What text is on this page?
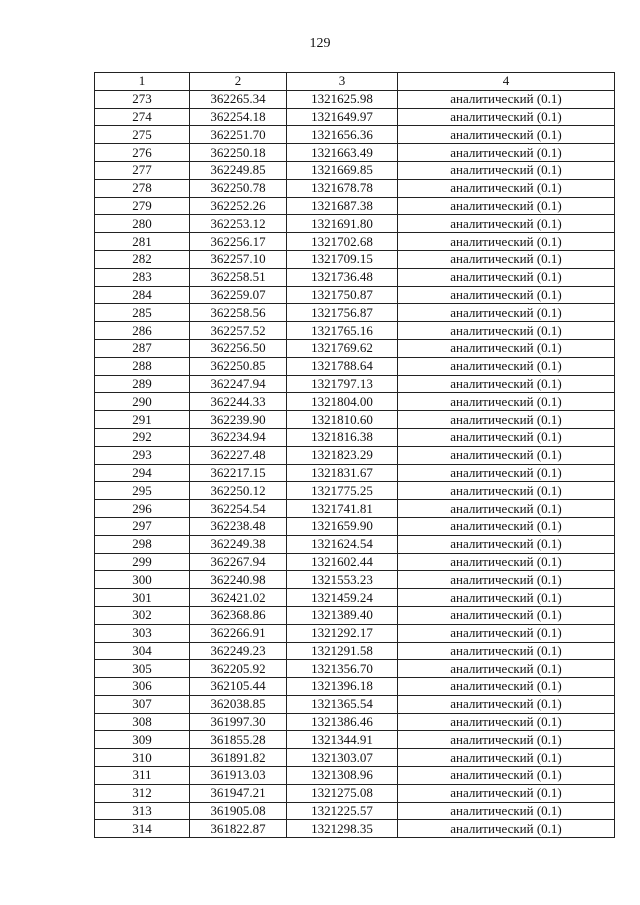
129
1	2	3	4
273	362265.34	1321625.98	аналитический (0.1)
274	362254.18	1321649.97	аналитический (0.1)
275	362251.70	1321656.36	аналитический (0.1)
276	362250.18	1321663.49	аналитический (0.1)
277	362249.85	1321669.85	аналитический (0.1)
278	362250.78	1321678.78	аналитический (0.1)
279	362252.26	1321687.38	аналитический (0.1)
280	362253.12	1321691.80	аналитический (0.1)
281	362256.17	1321702.68	аналитический (0.1)
282	362257.10	1321709.15	аналитический (0.1)
283	362258.51	1321736.48	аналитический (0.1)
284	362259.07	1321750.87	аналитический (0.1)
285	362258.56	1321756.87	аналитический (0.1)
286	362257.52	1321765.16	аналитический (0.1)
287	362256.50	1321769.62	аналитический (0.1)
288	362250.85	1321788.64	аналитический (0.1)
289	362247.94	1321797.13	аналитический (0.1)
290	362244.33	1321804.00	аналитический (0.1)
291	362239.90	1321810.60	аналитический (0.1)
292	362234.94	1321816.38	аналитический (0.1)
293	362227.48	1321823.29	аналитический (0.1)
294	362217.15	1321831.67	аналитический (0.1)
295	362250.12	1321775.25	аналитический (0.1)
296	362254.54	1321741.81	аналитический (0.1)
297	362238.48	1321659.90	аналитический (0.1)
298	362249.38	1321624.54	аналитический (0.1)
299	362267.94	1321602.44	аналитический (0.1)
300	362240.98	1321553.23	аналитический (0.1)
301	362421.02	1321459.24	аналитический (0.1)
302	362368.86	1321389.40	аналитический (0.1)
303	362266.91	1321292.17	аналитический (0.1)
304	362249.23	1321291.58	аналитический (0.1)
305	362205.92	1321356.70	аналитический (0.1)
306	362105.44	1321396.18	аналитический (0.1)
307	362038.85	1321365.54	аналитический (0.1)
308	361997.30	1321386.46	аналитический (0.1)
309	361855.28	1321344.91	аналитический (0.1)
310	361891.82	1321303.07	аналитический (0.1)
311	361913.03	1321308.96	аналитический (0.1)
312	361947.21	1321275.08	аналитический (0.1)
313	361905.08	1321225.57	аналитический (0.1)
314	361822.87	1321298.35	аналитический (0.1)
